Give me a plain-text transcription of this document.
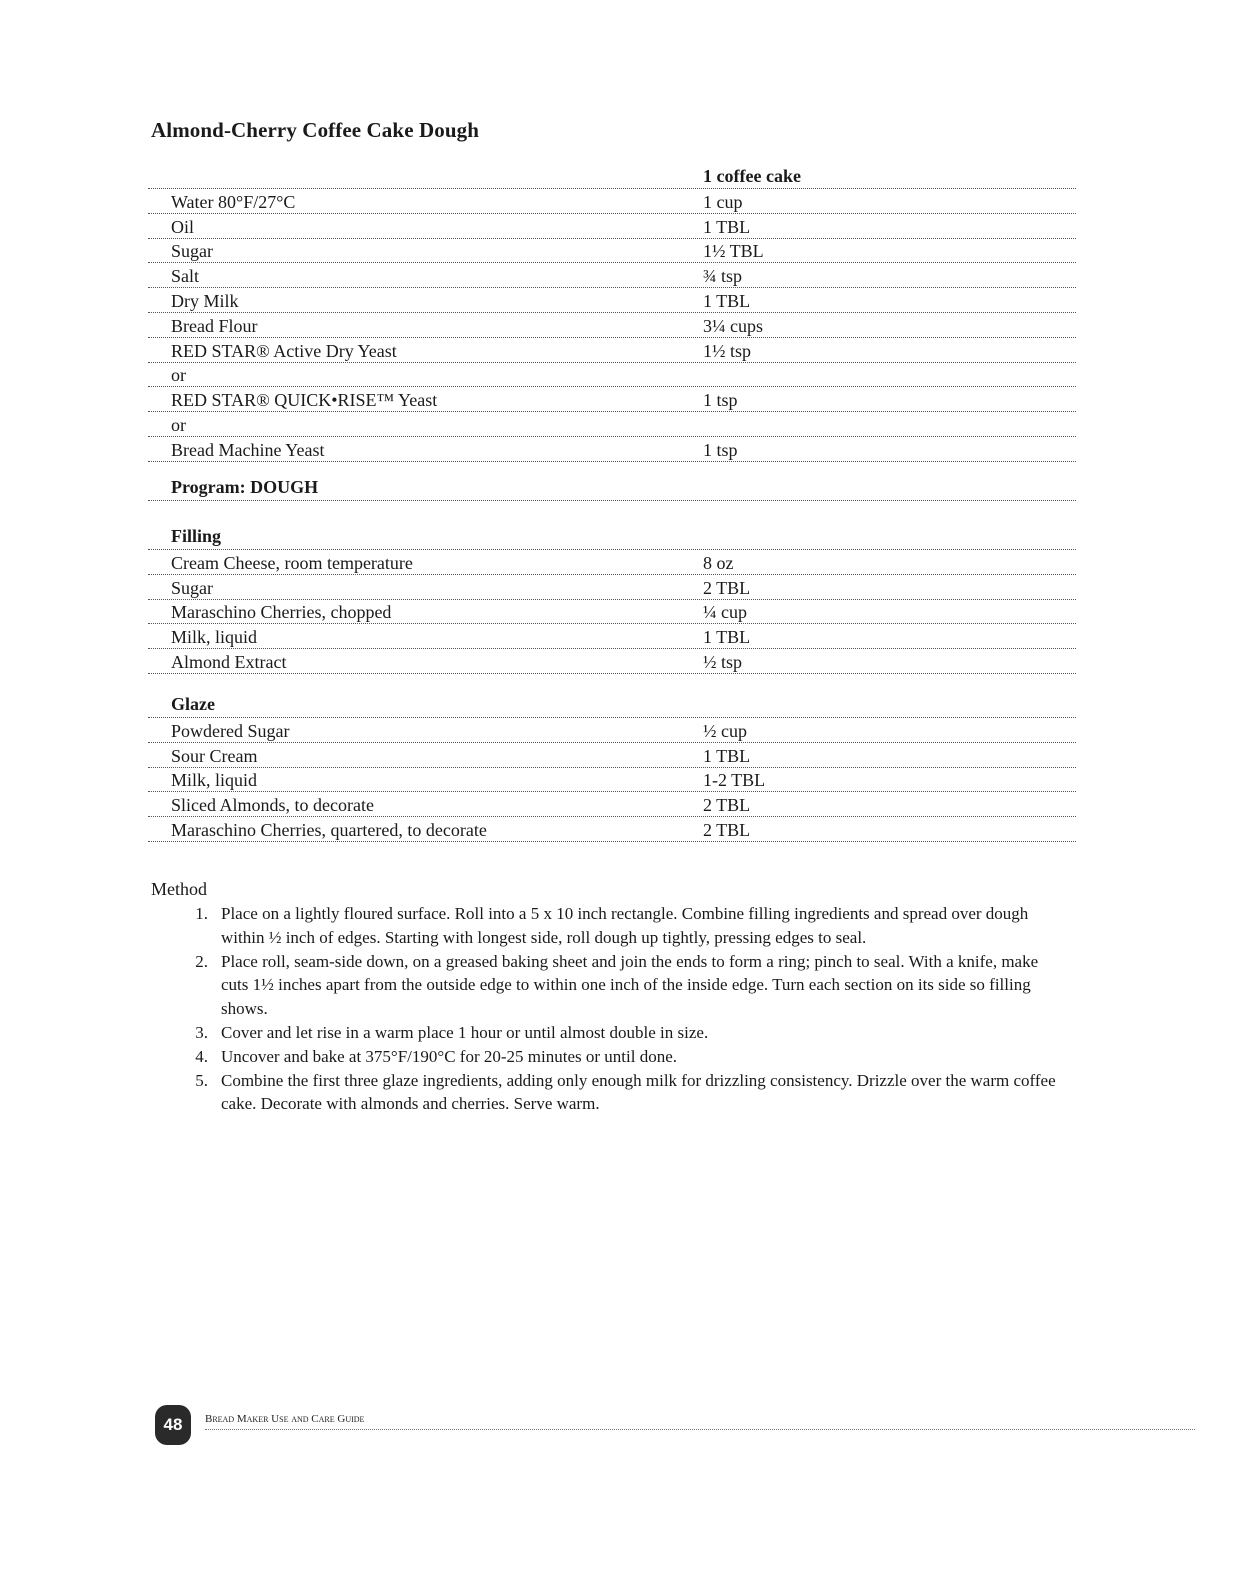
Almond-Cherry Coffee Cake Dough
1 coffee cake
Water 80°F/27°C	1 cup
Oil	1 TBL
Sugar	1½ TBL
Salt	¾ tsp
Dry Milk	1 TBL
Bread Flour	3¼ cups
RED STAR® Active Dry Yeast	1½ tsp
or
RED STAR® QUICK•RISE™ Yeast	1 tsp
or
Bread Machine Yeast	1 tsp
Program: DOUGH
Filling
Cream Cheese, room temperature	8 oz
Sugar	2 TBL
Maraschino Cherries, chopped	¼ cup
Milk, liquid	1 TBL
Almond Extract	½ tsp
Glaze
Powdered Sugar	½ cup
Sour Cream	1 TBL
Milk, liquid	1-2 TBL
Sliced Almonds, to decorate	2 TBL
Maraschino Cherries, quartered, to decorate	2 TBL
Method
1. Place on a lightly floured surface. Roll into a 5 x 10 inch rectangle. Combine filling ingredients and spread over dough within ½ inch of edges. Starting with longest side, roll dough up tightly, pressing edges to seal.
2. Place roll, seam-side down, on a greased baking sheet and join the ends to form a ring; pinch to seal. With a knife, make cuts 1½ inches apart from the outside edge to within one inch of the inside edge. Turn each section on its side so filling shows.
3. Cover and let rise in a warm place 1 hour or until almost double in size.
4. Uncover and bake at 375°F/190°C for 20-25 minutes or until done.
5. Combine the first three glaze ingredients, adding only enough milk for drizzling consistency. Drizzle over the warm coffee cake. Decorate with almonds and cherries. Serve warm.
48	Bread Maker Use and Care Guide
